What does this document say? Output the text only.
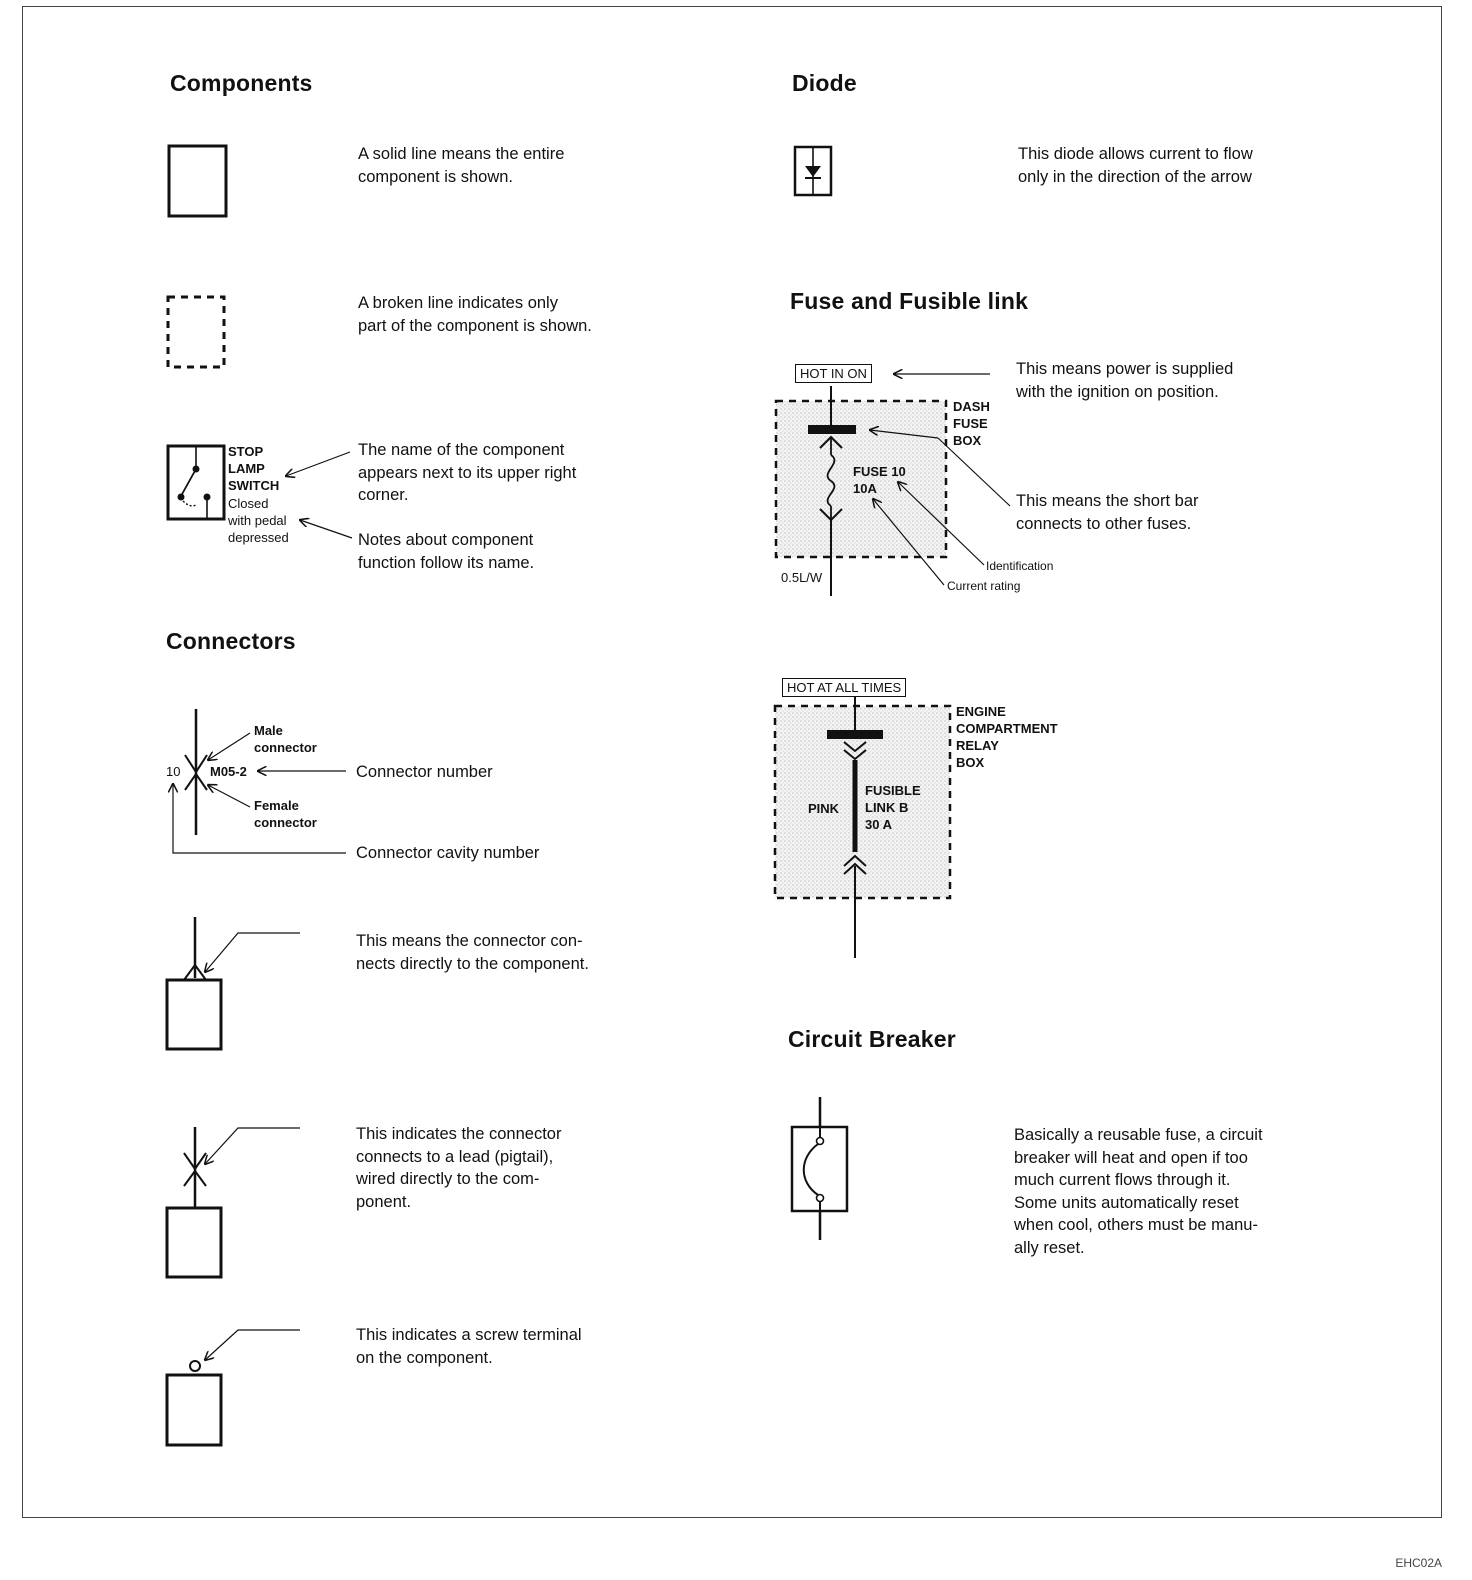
Components
A solid line means the entire
component is shown.
A broken line indicates only
part of the component is shown.
STOP
LAMP
SWITCH
Closed
with pedal
depressed
The name of the component
appears next to its upper right
corner.
Notes about component
function follow its name.
Connectors
Male
connector
Female
connector
10 M05-2	Connector number
Connector cavity number
This means the connector con-
nects directly to the component.
This indicates the connector
connects to a lead (pigtail),
wired directly to the com-
ponent.
This indicates a screw terminal
on the component.
Diode
This diode allows current to flow
only in the direction of the arrow
Fuse and Fusible link
HOT IN ON	This means power is supplied
with the ignition on position.
DASH
FUSE
BOX
FUSE 10
10A
This means the short bar
connects to other fuses.
Identification
Current rating
0.5L/W
HOT AT ALL TIMES
ENGINE
COMPARTMENT
RELAY
BOX
PINK
FUSIBLE
LINK B
30 A
Circuit Breaker
Basically a reusable fuse, a circuit
breaker will heat and open if too
much current flows through it.
Some units automatically reset
when cool, others must be manu-
ally reset.
EHC02A
